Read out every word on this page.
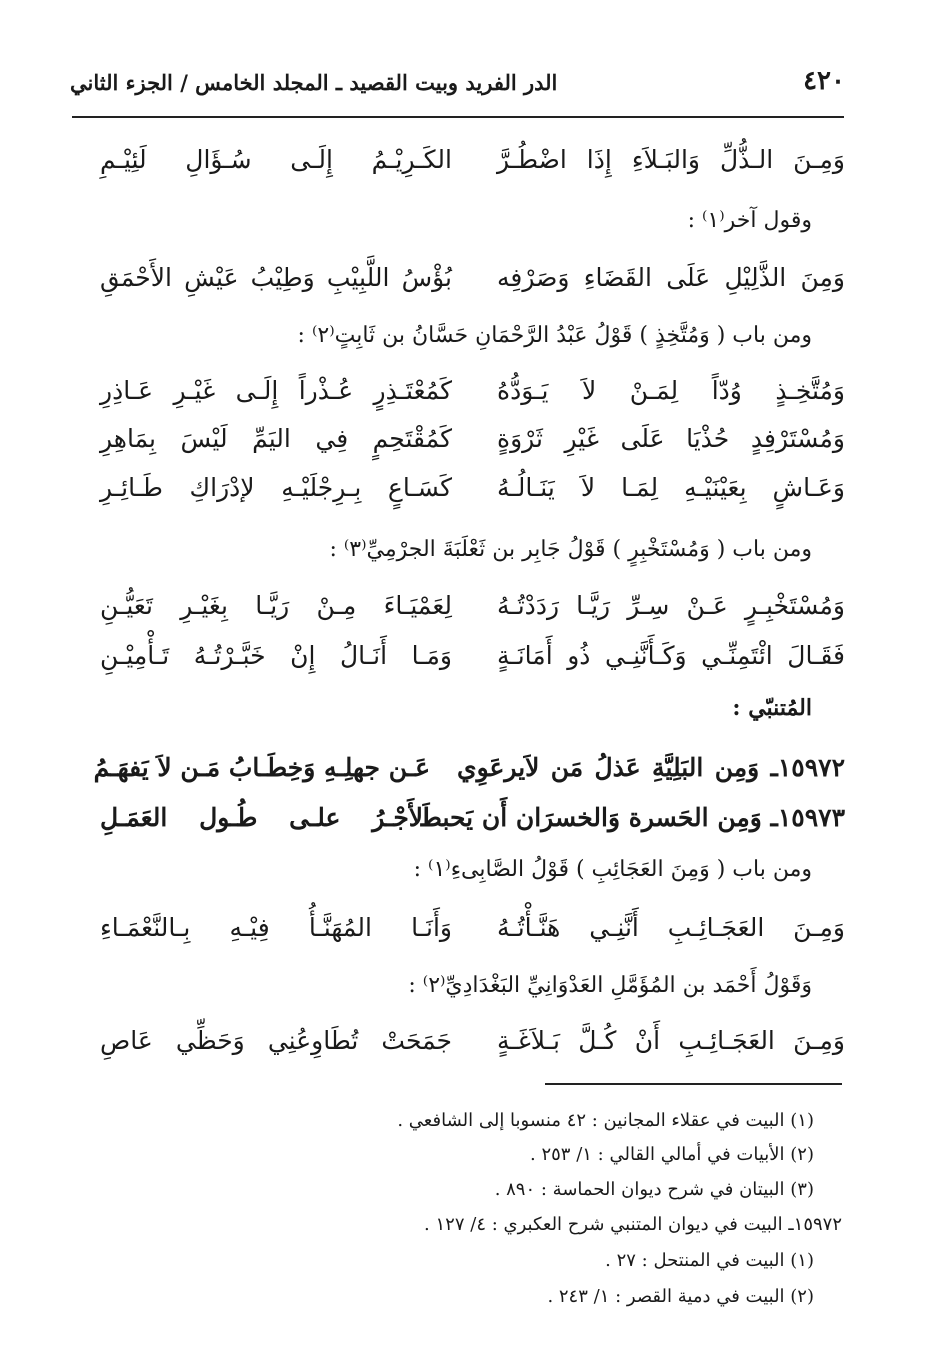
٤٢٠
الدر الفريد وبيت القصيد ـ المجلد الخامس / الجزء الثاني
وَمِـنَ الـذُّلِّ وَالبَـلاَءِ إِذَا اضْطُـرَّ
الكَـرِيْـمُ إِلَـى سُـؤَالِ لَئِيْـمِ
وقول آخر⁽١⁾ :
وَمِنَ الذَّلِيْلِ عَلَى القَضَاءِ وَصَرْفِه
بُؤْسُ اللَّبِيْبِ وَطِيْبُ عَيْشِ الأَحْمَقِ
ومن باب ( وَمُتَّخِذٍ ) قَوْلُ عَبْدُ الرَّحْمَانِ حَسَّانُ بن ثَابِتٍ⁽٢⁾ :
وَمُتَّخِـذٍ وُدّاً لِمَـنْ لاَ يَـوَدُّهُ
كَمُعْتَـذِرٍ عُـذْراً إِلَـى غَيْـرِ عَـاذِرِ
وَمُسْتَرْفِدٍ حُذْيَا عَلَى غَيْرِ ثَرْوَةٍ
كَمُقْتَحِمٍ فِي اليَمِّ لَيْسَ بِمَاهِرِ
وَعَـاشٍ بِعَيْنَيْـهِ لِمَـا لاَ يَنَـالُـهُ
كَسَـاعٍ بِـرِجْلَيْـهِ لإدْرَاكِ طَـائِـرِ
ومن باب ( وَمُسْتَخْبِرٍ ) قَوْلُ جَابِر بن ثَعْلَبَةَ الجرْمِيِّ⁽٣⁾ :
وَمُسْتَخْبِـرٍ عَـنْ سِـرِّ رَيَّـا رَدَدْتُـهُ
لِعَمْيَـاءَ مِـنْ رَيَّـا بِغَيْـرِ تَعَيُّـنِ
فَقَـالَ ائْتَمِنِّـي وَكَـأَنَّنِـي ذُو أَمَانَـةٍ
وَمَـا أَنَـالُ إِنْ خَبَّـرْتُـهُ تَـأْمِيْـنِ
المُتنبّي :
١٥٩٧٢ـ وَمِن البَلِيَّةِ عَذلُ مَن لاَيرعَوِي
عَـن جهلِـهِ وَخِطَـابُ مَـن لاَ يَفهَـمُ
١٥٩٧٣ـ وَمِن الحَسرة وَالخسرَان أَن يَحبطَ
الأَجْـرُ علـى طُـول العَمَـلِ
ومن باب ( وَمِنَ العَجَائِبِ ) قَوْلُ الصَّابِىءِ⁽١⁾ :
وَمِـنَ العَجَـائِـبِ أَنَّنِـي هَنَّـأْتُـهُ
وَأَنَـا المُهَنَّـأُ فِيْـهِ بِـالنَّعْمَـاءِ
وَقَوْلُ أَحْمَد بن المُؤَمَّلِ العَدْوَانِيِّ البَغْدَادِيِّ⁽٢⁾ :
وَمِـنَ العَجَـائِـبِ أَنْ كُـلَّ بَـلاَغَـةٍ
جَمَحَتْ تُطَاوِعُنِي وَحَظِّي عَاصِ
(١) البيت في عقلاء المجانين : ٤٢ منسوبا إلى الشافعي .
(٢) الأبيات في أمالي القالي : ١/ ٢٥٣ .
(٣) البيتان في شرح ديوان الحماسة : ٨٩٠ .
١٥٩٧٢ـ البيت في ديوان المتنبي شرح العكبري : ٤/ ١٢٧ .
(١) البيت في المنتحل : ٢٧ .
(٢) البيت في دمية القصر : ١/ ٢٤٣ .
